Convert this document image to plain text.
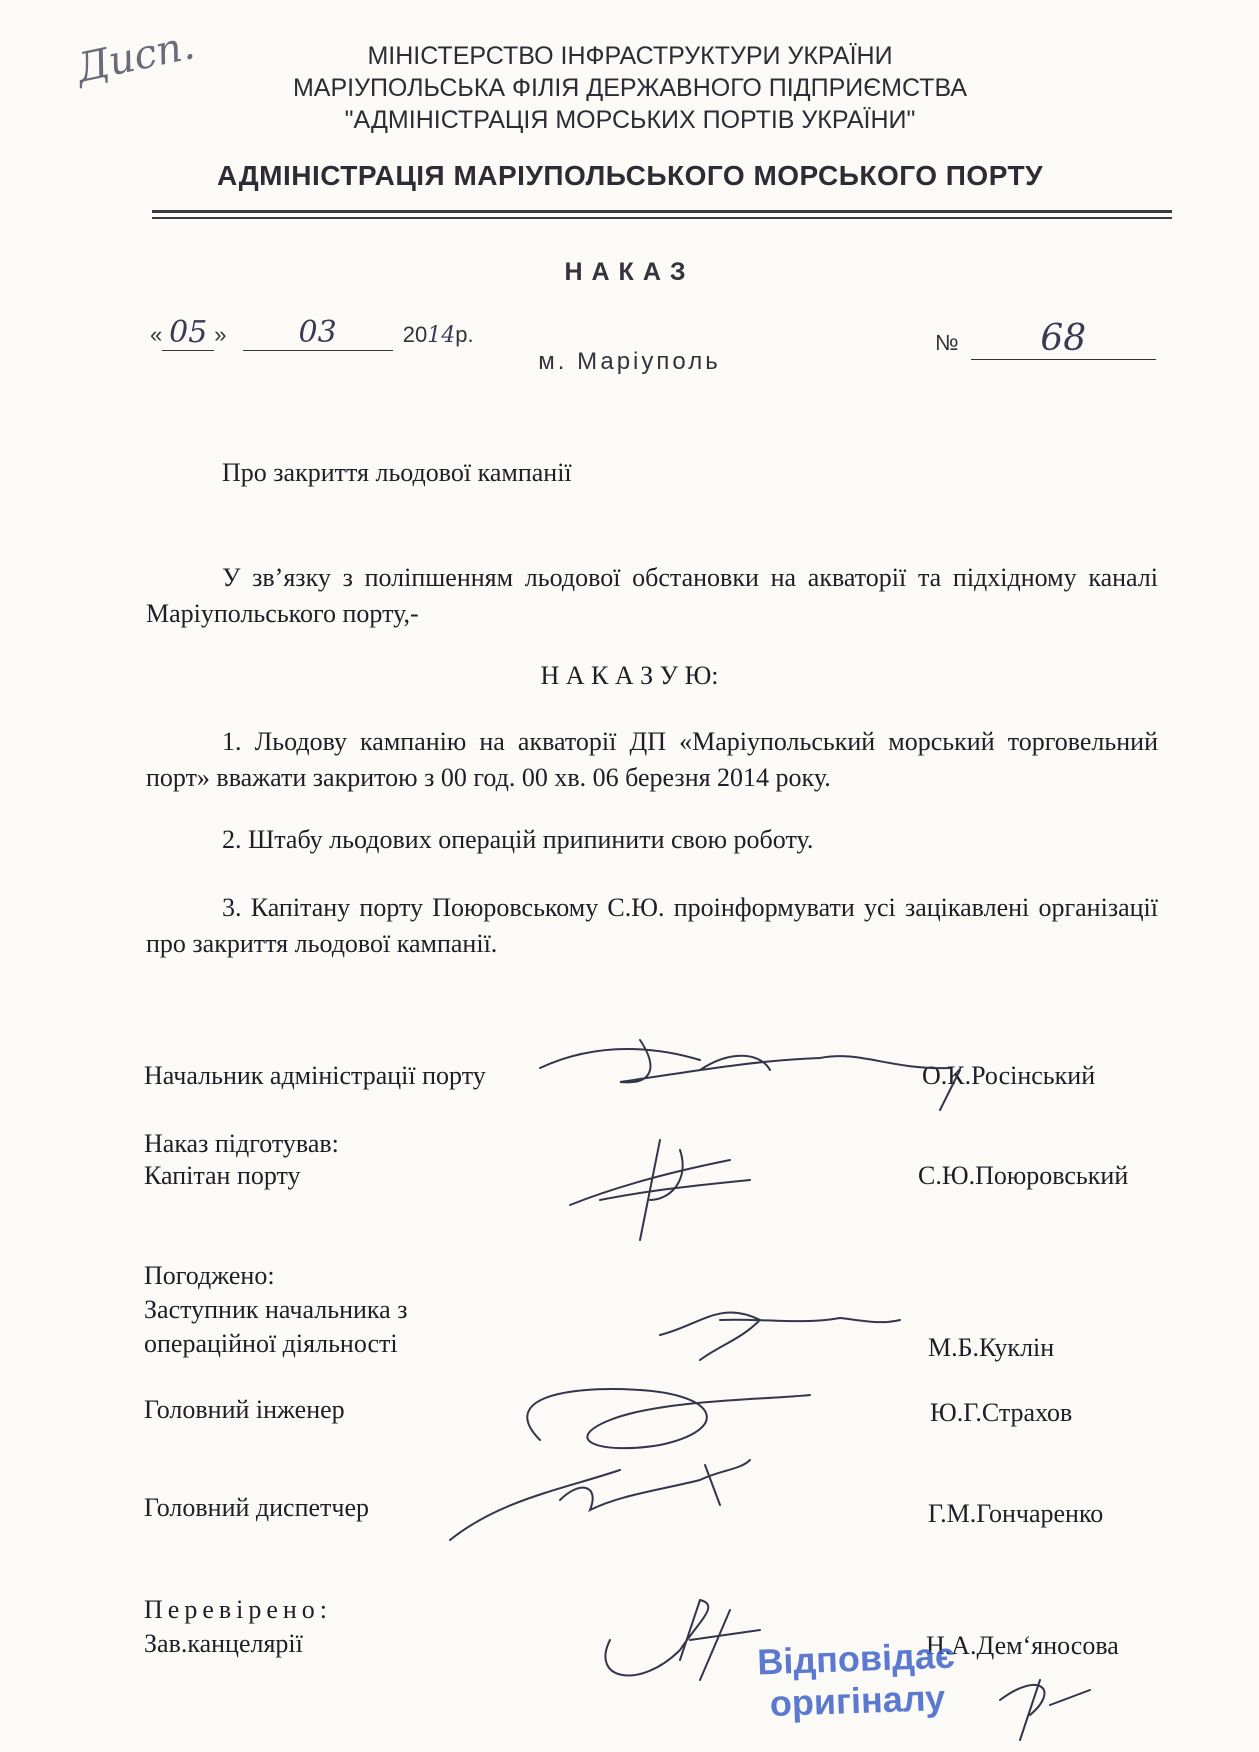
Дисп.	МІНІСТЕРСТВО ІНФРАСТРУКТУРИ УКРАЇНИ
МАРІУПОЛЬСЬКА ФІЛІЯ ДЕРЖАВНОГО ПІДПРИЄМСТВА
"АДМІНІСТРАЦІЯ МОРСЬКИХ ПОРТІВ УКРАЇНИ"
АДМІНІСТРАЦІЯ МАРІУПОЛЬСЬКОГО МОРСЬКОГО ПОРТУ
НАКАЗ
« 05 » 03	2014р.	№ 68
м. Маріуполь
Про закриття льодової кампанії
У зв’язку з поліпшенням льодової обстановки на акваторії та підхідному каналі Маріупольського порту,-
Н А К А З У Ю:
1. Льодову кампанію на акваторії ДП «Маріупольський морський торговельний порт» вважати закритою з 00 год. 00 хв. 06 березня 2014 року.
2. Штабу льодових операцій припинити свою роботу.
3. Капітану порту Поюровському С.Ю. проінформувати усі зацікавлені організації про закриття льодової кампанії.
Начальник адміністрації порту	О.К.Росінський
Наказ підготував:
Капітан порту	С.Ю.Поюровський
Погоджено:
Заступник начальника з
операційної діяльності	М.Б.Куклін
Головний інженер	Ю.Г.Страхов
Головний диспетчер	Г.М.Гончаренко
Перевірено:
Зав.канцелярії	Н.А.Дем‘яносова
Відповідає
оригіналу
